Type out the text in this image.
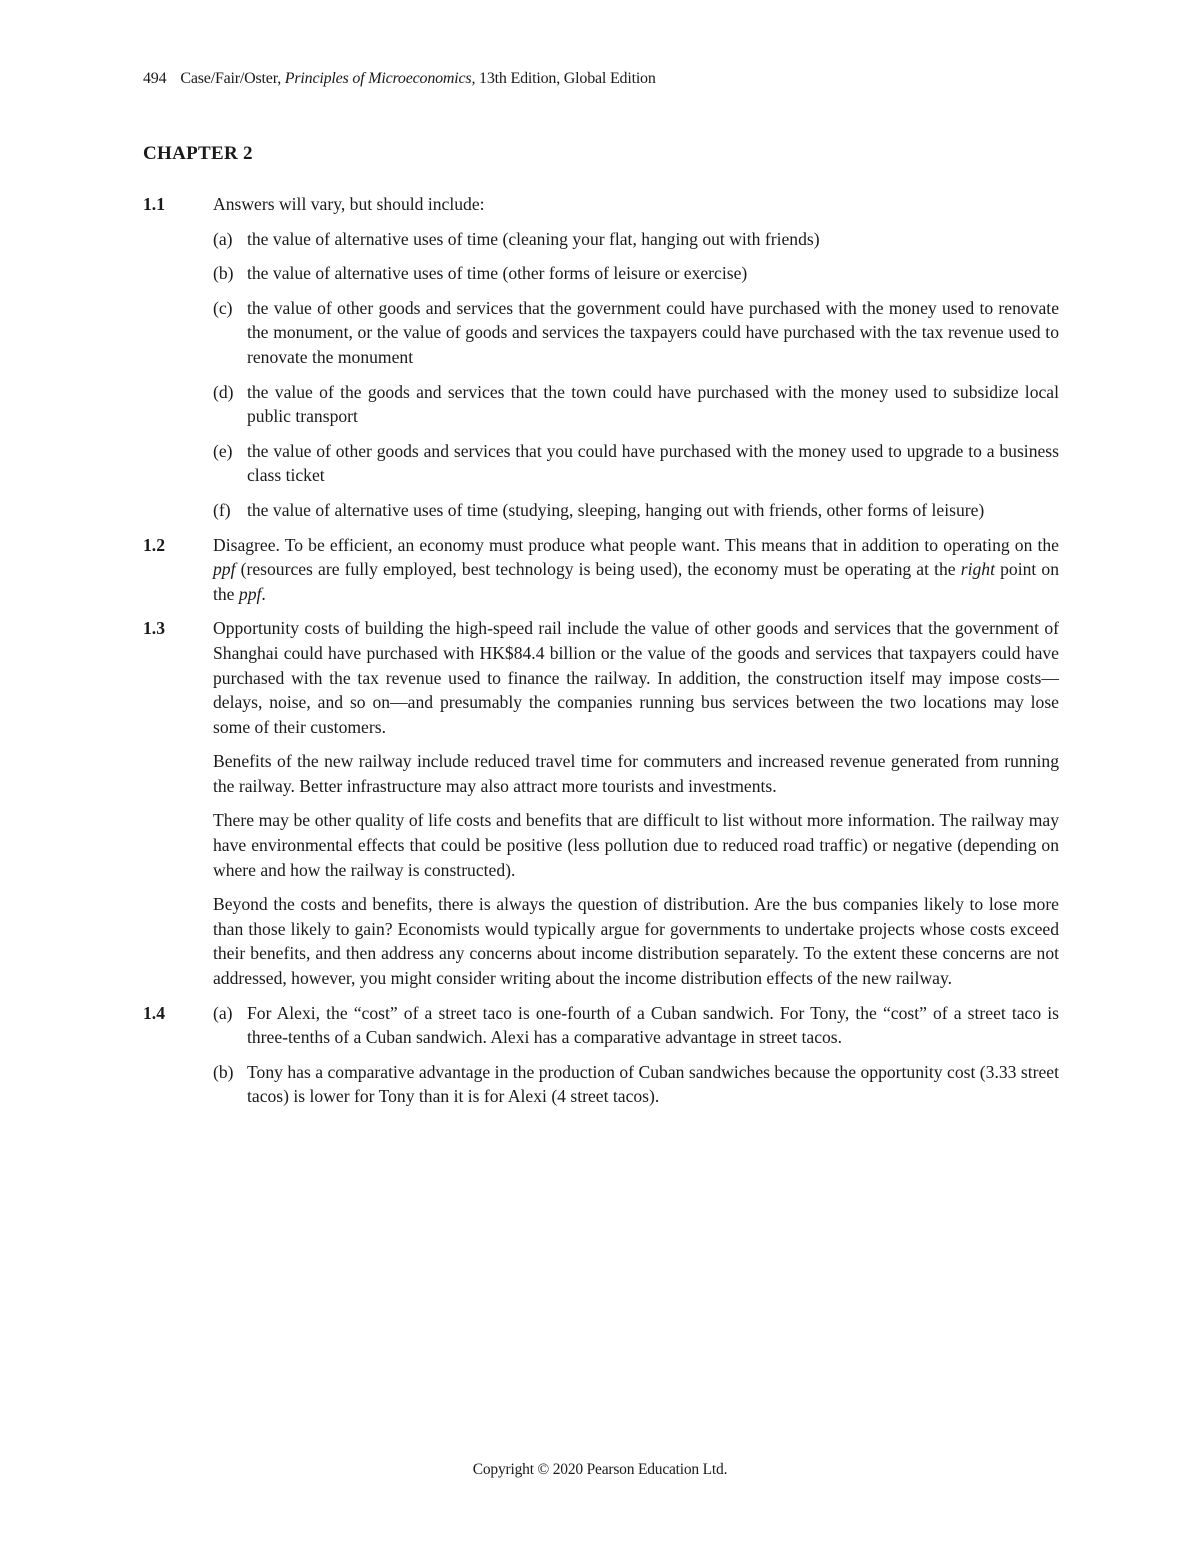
494 Case/Fair/Oster, Principles of Microeconomics, 13th Edition, Global Edition
CHAPTER 2
1.1	Answers will vary, but should include:
(a) the value of alternative uses of time (cleaning your flat, hanging out with friends)
(b) the value of alternative uses of time (other forms of leisure or exercise)
(c) the value of other goods and services that the government could have purchased with the money used to renovate the monument, or the value of goods and services the taxpayers could have purchased with the tax revenue used to renovate the monument
(d) the value of the goods and services that the town could have purchased with the money used to subsidize local public transport
(e) the value of other goods and services that you could have purchased with the money used to upgrade to a business class ticket
(f) the value of alternative uses of time (studying, sleeping, hanging out with friends, other forms of leisure)
1.2	Disagree. To be efficient, an economy must produce what people want. This means that in addition to operating on the ppf (resources are fully employed, best technology is being used), the economy must be operating at the right point on the ppf.

1.3	Opportunity costs of building the high-speed rail include the value of other goods and services that the government of Shanghai could have purchased with HK$84.4 billion or the value of the goods and services that taxpayers could have purchased with the tax revenue used to finance the railway. In addition, the construction itself may impose costs—delays, noise, and so on—and presumably the companies running bus services between the two locations may lose some of their customers.

Benefits of the new railway include reduced travel time for commuters and increased revenue generated from running the railway. Better infrastructure may also attract more tourists and investments.

There may be other quality of life costs and benefits that are difficult to list without more information. The railway may have environmental effects that could be positive (less pollution due to reduced road traffic) or negative (depending on where and how the railway is constructed).

Beyond the costs and benefits, there is always the question of distribution. Are the bus companies likely to lose more than those likely to gain? Economists would typically argue for governments to undertake projects whose costs exceed their benefits, and then address any concerns about income distribution separately. To the extent these concerns are not addressed, however, you might consider writing about the income distribution effects of the new railway.

1.4	(a) For Alexi, the “cost” of a street taco is one-fourth of a Cuban sandwich. For Tony, the “cost” of a street taco is three-tenths of a Cuban sandwich. Alexi has a comparative advantage in street tacos.
(b) Tony has a comparative advantage in the production of Cuban sandwiches because the opportunity cost (3.33 street tacos) is lower for Tony than it is for Alexi (4 street tacos).
Copyright © 2020 Pearson Education Ltd.
